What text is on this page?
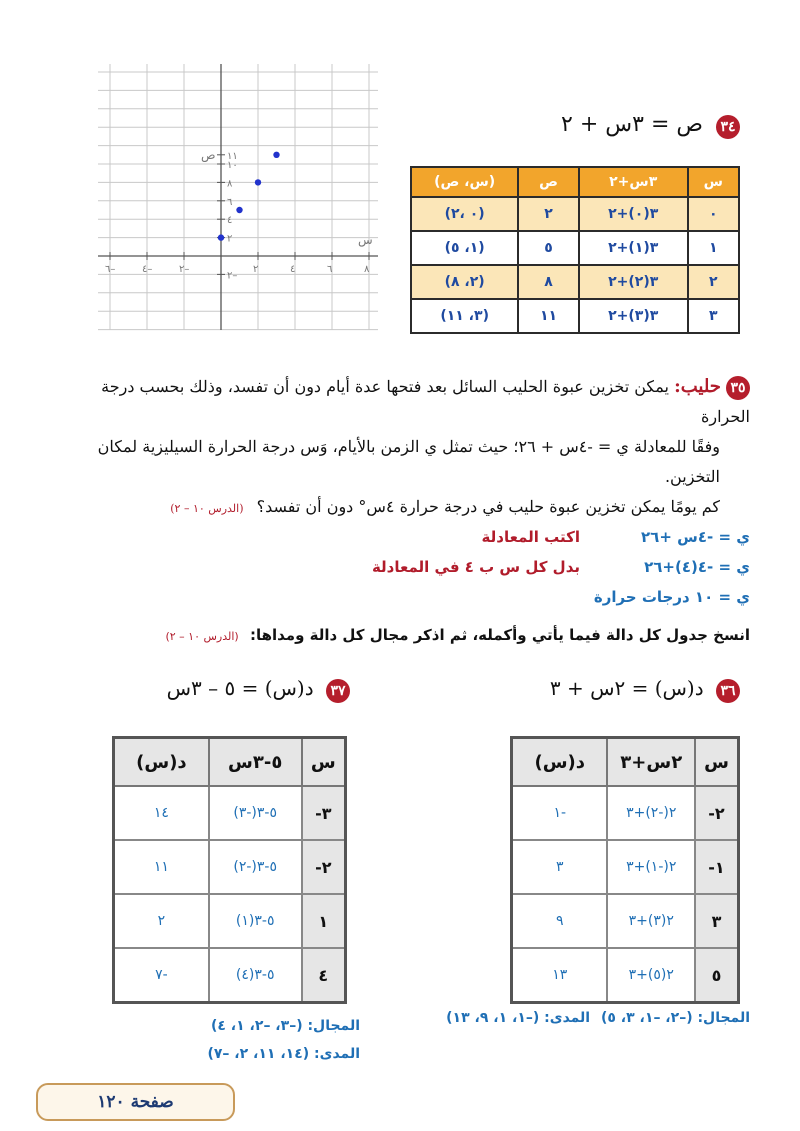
٣٤ ص = ٣س + ٢
س	٣س+٢	ص	(س، ص)
٠	٣(٠)+٢	٢	(٠ ،٢)
١	٣(١)+٢	٥	(١، ٥)
٢	٣(٢)+٢	٨	(٢، ٨)
٣	٣(٣)+٢	١١	(٣، ١١)
١١
١٠
٨
٦
٤
٢
٢–
٦–	٤–	٢–	٢	٤	٦	٨
ص
س
٣٥ حليب: يمكن تخزين عبوة الحليب السائل بعد فتحها عدة أيام دون أن تفسد، وذلك بحسب درجة الحرارة
وفقًا للمعادلة ي = -٤س + ٢٦؛ حيث تمثل ي الزمن بالأيام، وَس درجة الحرارة السيليزية لمكان التخزين.
كم يومًا يمكن تخزين عبوة حليب في درجة حرارة ٤س° دون أن تفسد؟ (الدرس ١٠ – ٢)
ي = -٤س +٢٦
اكتب المعادلة
ي = -٤(٤)+٢٦
بدل كل س ب ٤ في المعادلة
ي = ١٠ درجات حرارة
انسخ جدول كل دالة فيما يأتي وأكمله، ثم اذكر مجال كل دالة ومداها: (الدرس ١٠ – ٢)
٣٦ د(س) = ٢س + ٣
س	٢س+٣	د(س)
٢-	٢(-٢)+٣	-١
١-	٢(-١)+٣	٣
٣	٢(٣)+٣	٩
٥	٢(٥)+٣	١٣
٣٧ د(س) = ٥ – ٣س
س	٥-٣س	د(س)
٣-	٥-٣(-٣)	١٤
٢-	٥-٣(-٢)	١١
١	٥-٣(١)	٢
٤	٥-٣(٤)	-٧
المجال: (–٢، –١، ٣، ٥) المدى: (–١، ١، ٩، ١٣)
المجال: (–٣، –٢، ١، ٤)
المدى: (١٤، ١١، ٢، –٧)
صفحة ١٢٠
